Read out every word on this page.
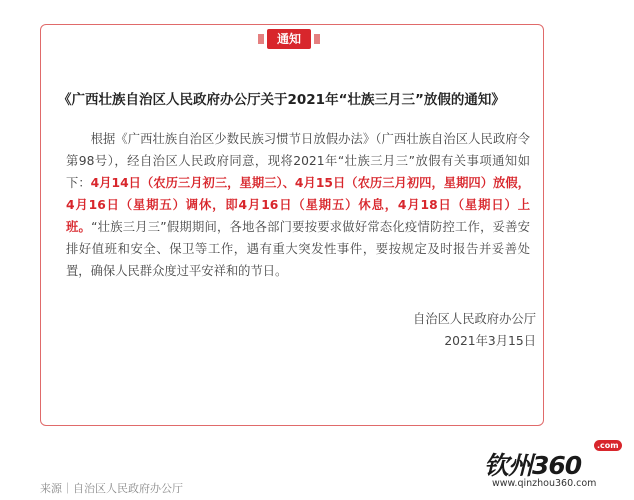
通知
《广西壮族自治区人民政府办公厅关于2021年“壮族三月三”放假的通知》
根据《广西壮族自治区少数民族习惯节日放假办法》（广西壮族自治区人民政府令第98号），经自治区人民政府同意，现将2021年“壮族三月三”放假有关事项通知如下：4月14日（农历三月初三，星期三）、4月15日（农历三月初四，星期四）放假，4月16日（星期五）调休，即4月16日（星期五）休息，4月18日（星期日）上班。“壮族三月三”假期期间，各地各部门要按要求做好常态化疫情防控工作，妥善安排好值班和安全、保卫等工作，遇有重大突发性事件，要按规定及时报告并妥善处置，确保人民群众度过平安祥和的节日。
自治区人民政府办公厅
2021年3月15日
来源｜自治区人民政府办公厅
钦州360
.com
www.qinzhou360.com
